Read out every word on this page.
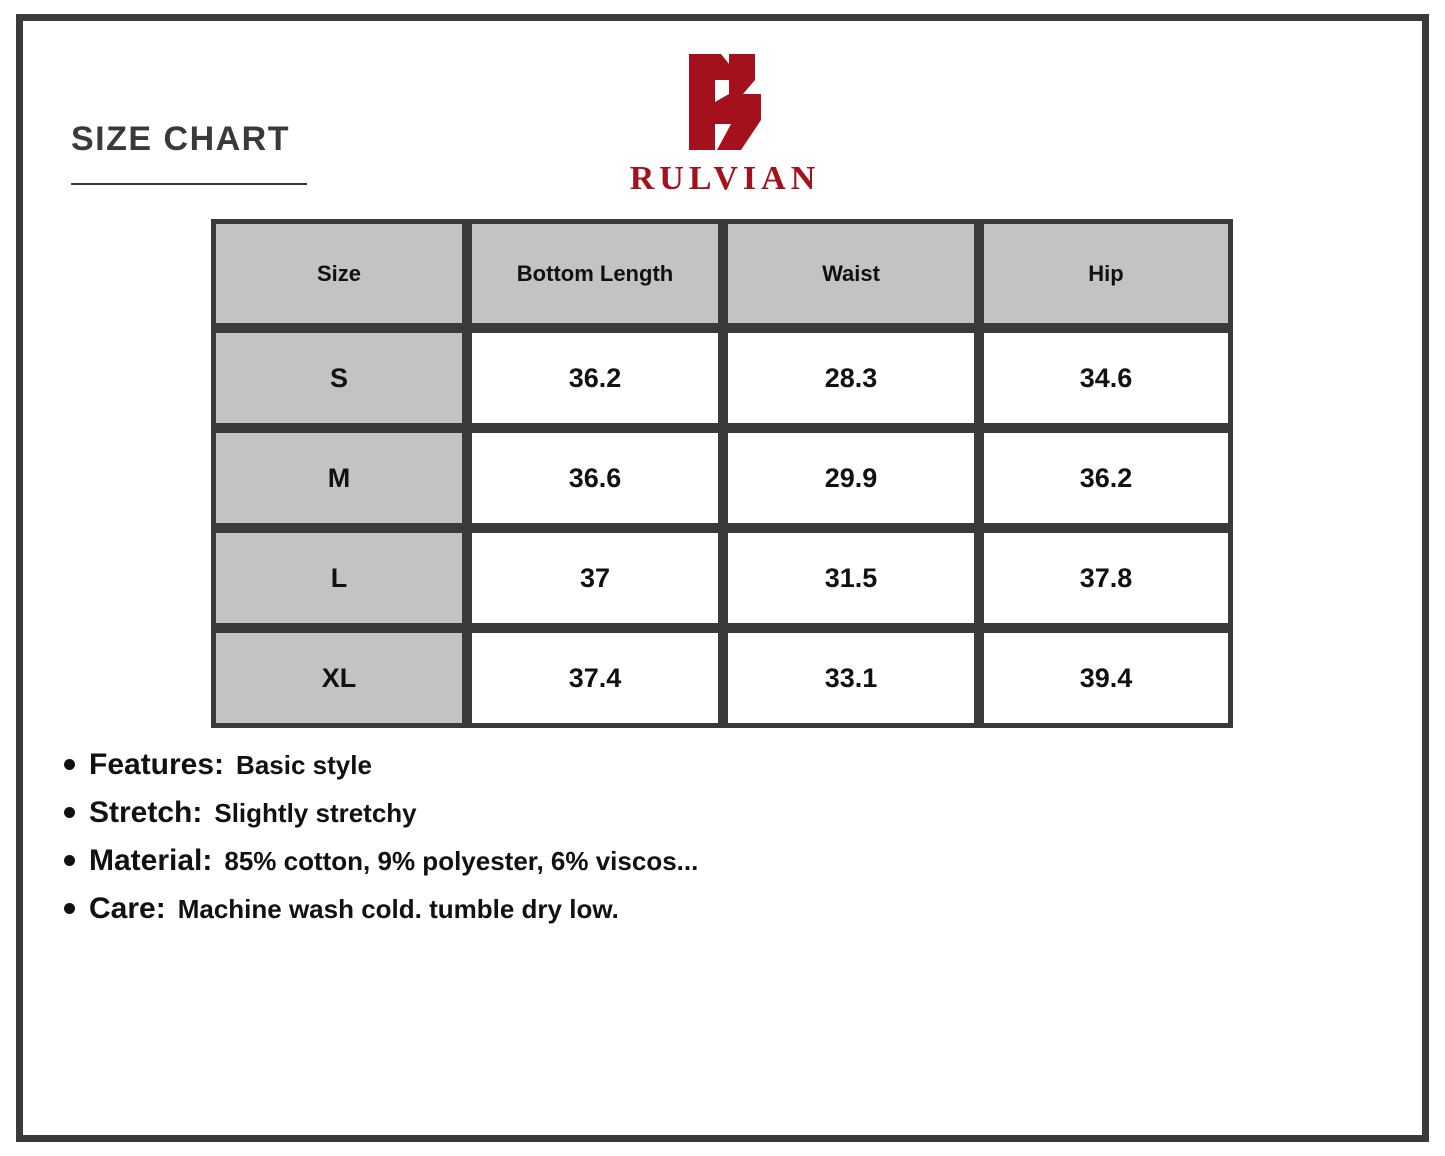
SIZE CHART
RULVIAN
Size	Bottom Length	Waist	Hip
S	36.2	28.3	34.6
M	36.6	29.9	36.2
L	37	31.5	37.8
XL	37.4	33.1	39.4
Features: Basic style
Stretch: Slightly stretchy
Material: 85% cotton, 9% polyester, 6% viscos...
Care: Machine wash cold. tumble dry low.
